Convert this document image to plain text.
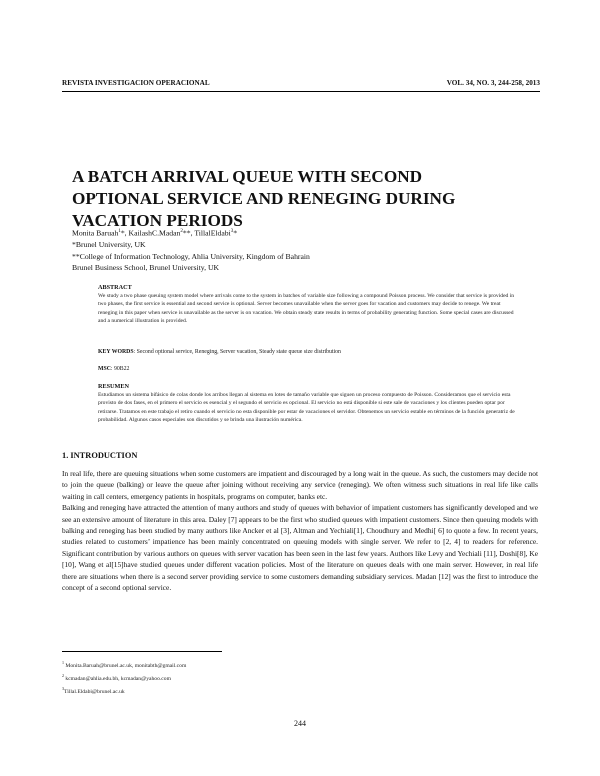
REVISTA INVESTIGACION OPERACIONAL	VOL. 34, NO. 3, 244-258, 2013
A BATCH ARRIVAL QUEUE WITH SECOND OPTIONAL SERVICE AND RENEGING DURING VACATION PERIODS
Monita Baruah$^1$*, KailashC.Madan$^2$**, TillalEldabi$^3$*
*Brunel University, UK
**College of Information Technology, Ahlia University, Kingdom of Bahrain
Brunel Business School, Brunel University, UK
ABSTRACT
We study a two phase queuing system model where arrivals come to the system in batches of variable size following a compound Poisson process. We consider that service is provided in two phases, the first service is essential and second service is optional. Server becomes unavailable when the server goes for vacation and customers may decide to renege. We treat reneging in this paper when service is unavailable as the server is on vacation. We obtain steady state results in terms of probability generating function. Some special cases are discussed and a numerical illustration is provided.
KEY WORDS: Second optional service, Reneging, Server vacation, Steady state queue size distribution
MSC: 90B22
RESUMEN
Estudiamos un sistema bifásico de colas donde los arribos llegan al sistema en lotes de tamaño variable que siguen un proceso compuesto de Poisson. Consideramos que el servicio esta provisto de dos fases, en el primero el servicio es esencial y el segundo el servicio es opcional. El servicio no está disponible si este sale de vacaciones y los clientes pueden optar por retirarse. Tratamos en este trabajo el retiro cuando el servicio no esta disponible por estar de vacaciones el servidor. Obtenemos un servicio estable en términos de la función generatriz de probabilidad. Algunos casos especiales son discutidos y se brinda una ilustración numérica.
1. INTRODUCTION

In real life, there are queuing situations when some customers are impatient and discouraged by a long wait in the queue. As such, the customers may decide not to join the queue (balking) or leave the queue after joining without receiving any service (reneging). We often witness such situations in real life like calls waiting in call centers, emergency patients in hospitals, programs on computer, banks etc.

Balking and reneging have attracted the attention of many authors and study of queues with behavior of impatient customers has significantly developed and we see an extensive amount of literature in this area. Daley [7] appears to be the first who studied queues with impatient customers. Since then queuing models with balking and reneging has been studied by many authors like Ancker et al [3], Altman and Yechiali[1], Choudhury and Medhi[ 6] to quote a few. In recent years, studies related to customers’ impatience has been mainly concentrated on queuing models with single server. We refer to [2, 4] to readers for reference. Significant contribution by various authors on queues with server vacation has been seen in the last few years. Authors like Levy and Yechiali [11], Doshi[8], Ke [10], Wang et al[15]have studied queues under different vacation policies. Most of the literature on queues deals with one main server. However, in real life there are situations when there is a second server providing service to some customers demanding subsidiary services. Madan [12] was the first to introduce the concept of a second optional service.

$^1$ Monita.Baruah@brunel.ac.uk, monitabth@gmail.com
$^2$ kcmadan@ahlia.edu.bh, kcmadan@yahoo.com
$^3$Tillal.Eldabi@brunel.ac.uk
244
